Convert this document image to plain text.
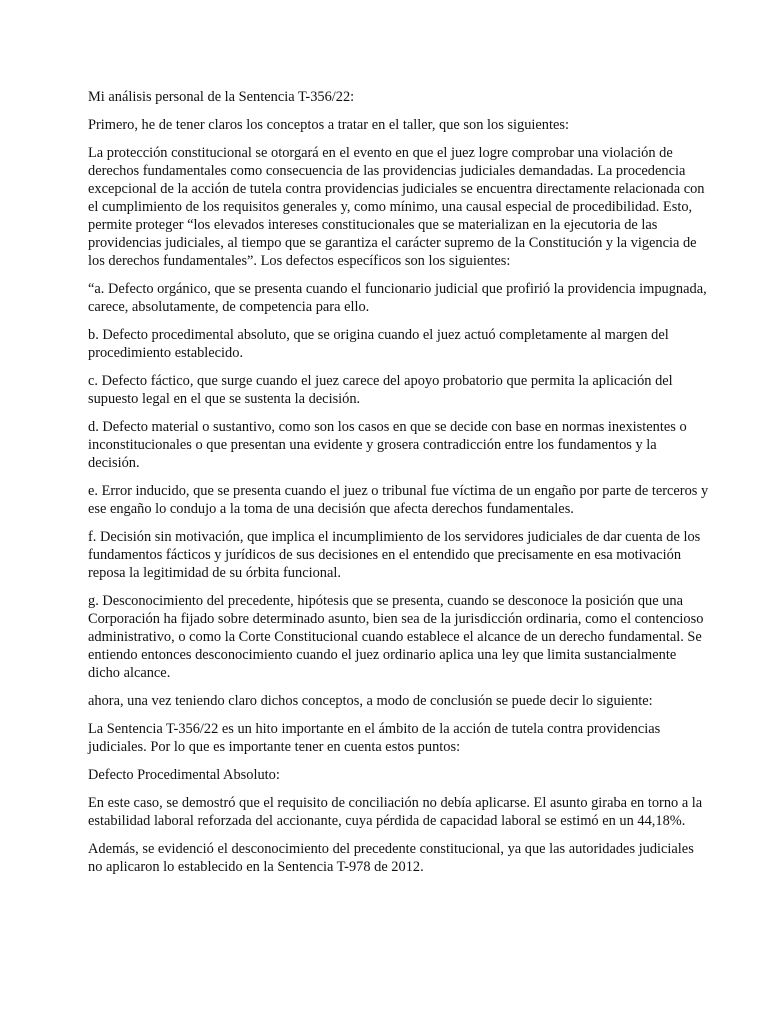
Mi análisis personal de la Sentencia T-356/22:

Primero, he de tener claros los conceptos a tratar en el taller, que son los siguientes:

La protección constitucional se otorgará en el evento en que el juez logre comprobar una violación de derechos fundamentales como consecuencia de las providencias judiciales demandadas. La procedencia excepcional de la acción de tutela contra providencias judiciales se encuentra directamente relacionada con el cumplimiento de los requisitos generales y, como mínimo, una causal especial de procedibilidad. Esto, permite proteger “los elevados intereses constitucionales que se materializan en la ejecutoria de las providencias judiciales, al tiempo que se garantiza el carácter supremo de la Constitución y la vigencia de los derechos fundamentales”. Los defectos específicos son los siguientes:

“a. Defecto orgánico, que se presenta cuando el funcionario judicial que profirió la providencia impugnada, carece, absolutamente, de competencia para ello.

b. Defecto procedimental absoluto, que se origina cuando el juez actuó completamente al margen del procedimiento establecido.

c. Defecto fáctico, que surge cuando el juez carece del apoyo probatorio que permita la aplicación del supuesto legal en el que se sustenta la decisión.

d. Defecto material o sustantivo, como son los casos en que se decide con base en normas inexistentes o inconstitucionales o que presentan una evidente y grosera contradicción entre los fundamentos y la decisión.

e. Error inducido, que se presenta cuando el juez o tribunal fue víctima de un engaño por parte de terceros y ese engaño lo condujo a la toma de una decisión que afecta derechos fundamentales.

f. Decisión sin motivación, que implica el incumplimiento de los servidores judiciales de dar cuenta de los fundamentos fácticos y jurídicos de sus decisiones en el entendido que precisamente en esa motivación reposa la legitimidad de su órbita funcional.

g. Desconocimiento del precedente, hipótesis que se presenta, cuando se desconoce la posición que una Corporación ha fijado sobre determinado asunto, bien sea de la jurisdicción ordinaria, como el contencioso administrativo, o como la Corte Constitucional cuando establece el alcance de un derecho fundamental. Se entiendo entonces desconocimiento cuando el juez ordinario aplica una ley que limita sustancialmente dicho alcance.

ahora, una vez teniendo claro dichos conceptos, a modo de conclusión se puede decir lo siguiente:

La Sentencia T-356/22 es un hito importante en el ámbito de la acción de tutela contra providencias judiciales. Por lo que es importante tener en cuenta estos puntos:

Defecto Procedimental Absoluto:

En este caso, se demostró que el requisito de conciliación no debía aplicarse. El asunto giraba en torno a la estabilidad laboral reforzada del accionante, cuya pérdida de capacidad laboral se estimó en un 44,18%.

Además, se evidenció el desconocimiento del precedente constitucional, ya que las autoridades judiciales no aplicaron lo establecido en la Sentencia T-978 de 2012.
